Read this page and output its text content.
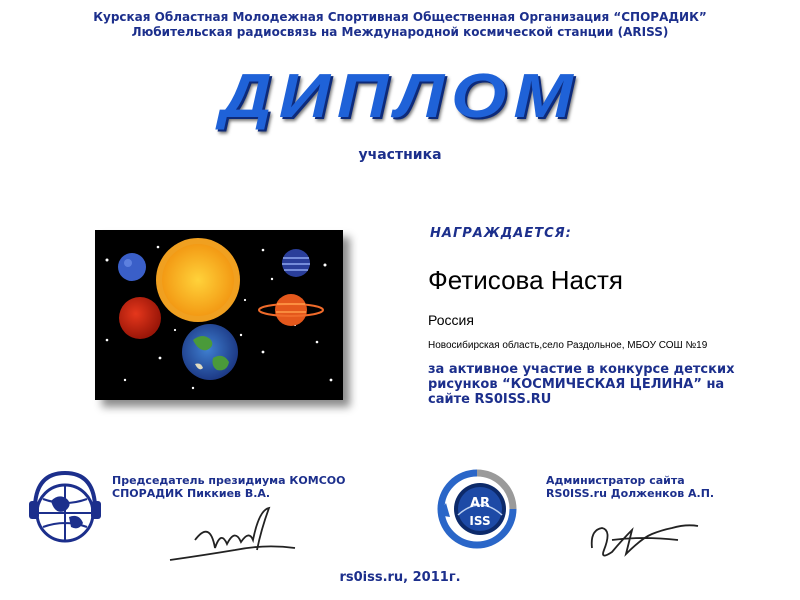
Курская Областная Молодежная Спортивная Общественная Организация “СПОРАДИК”
Любительская радиосвязь на Международной космической станции (ARISS)
ДИПЛОМ
участника
НАГРАЖДАЕТСЯ:
Фетисова Настя
Россия
Новосибирская область,село Раздольное, МБОУ СОШ №19
за активное участие в конкурсе детских рисунков “КОСМИЧЕСКАЯ ЦЕЛИНА” на сайте RS0ISS.RU
Председатель президиума КОМСОО
СПОРАДИК Пиккиев В.А.
AR
ISS
Администратор сайта
RS0ISS.ru Долженков А.П.
rs0iss.ru, 2011г.
